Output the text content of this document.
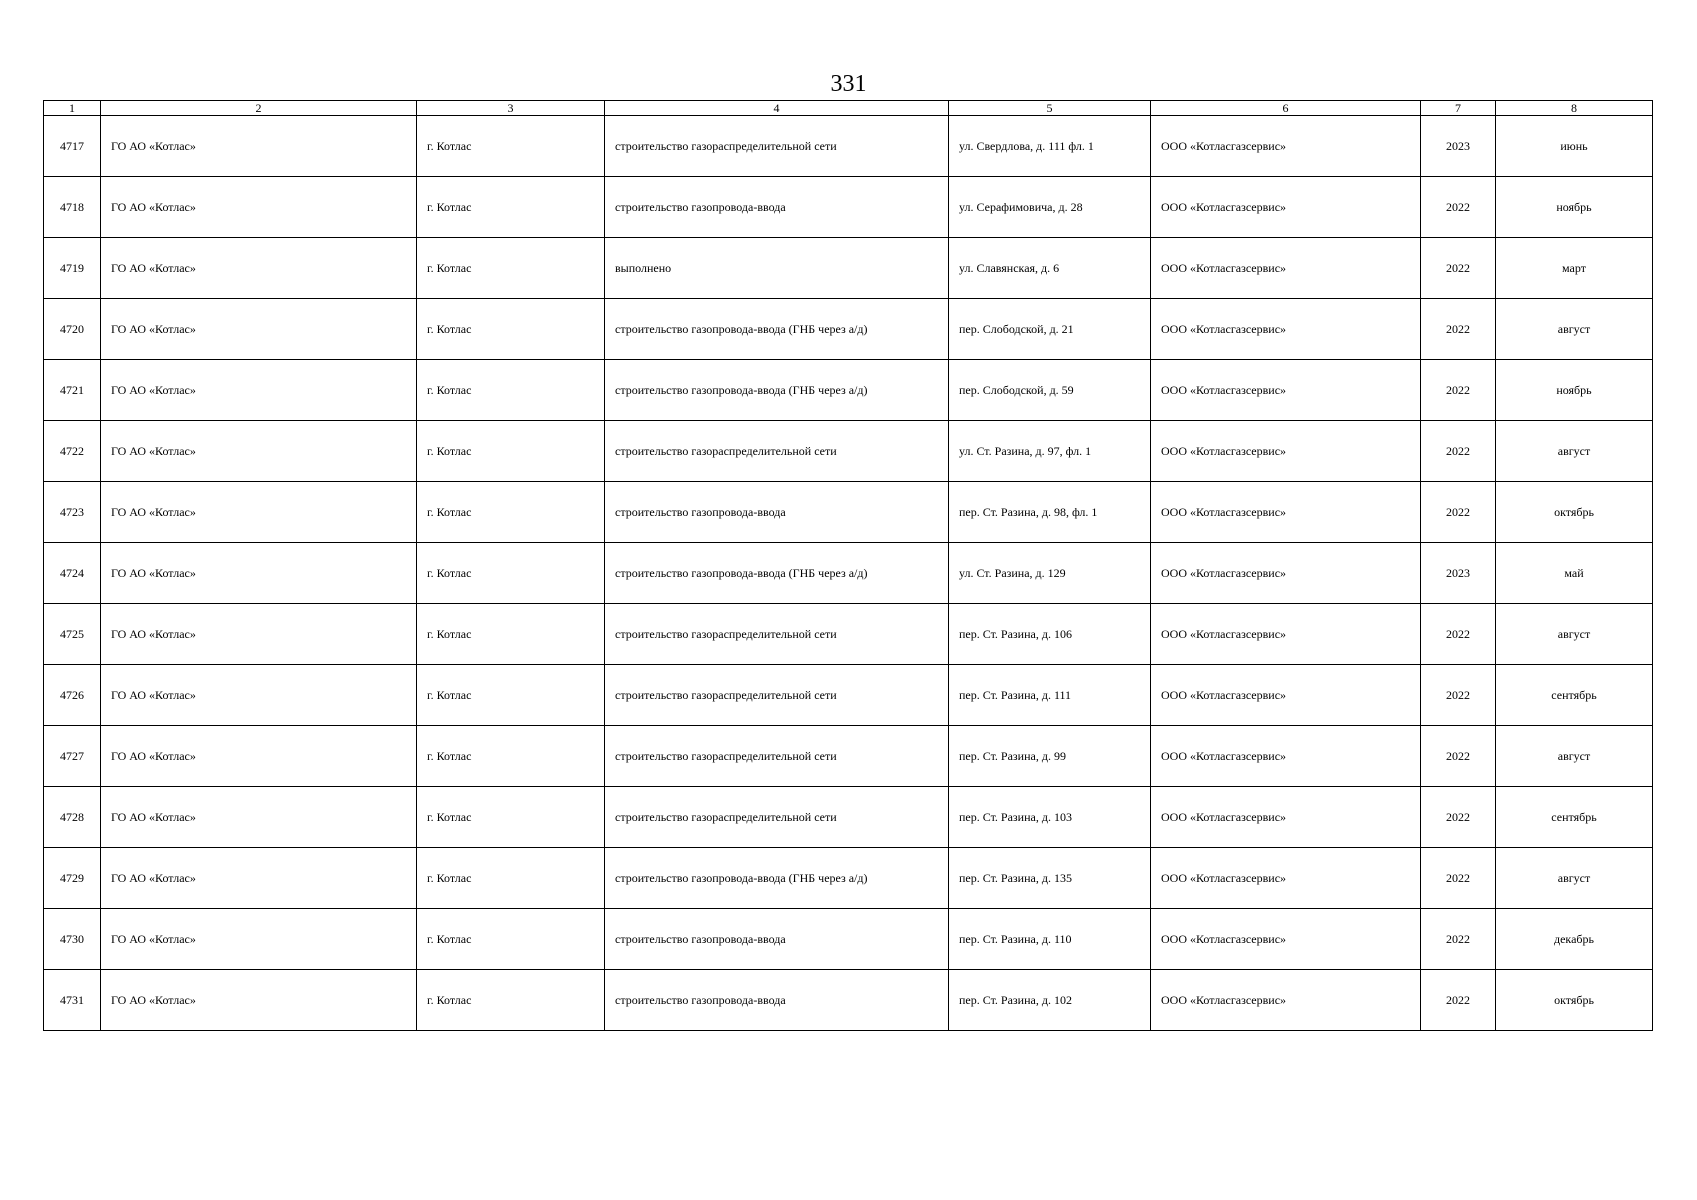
331
1	2	3	4	5	6	7	8
4717	ГО АО «Котлас»	г. Котлас	строительство газораспределительной сети	ул. Свердлова, д. 111 фл. 1	ООО «Котласгазсервис»	2023	июнь
4718	ГО АО «Котлас»	г. Котлас	строительство газопровода-ввода	ул. Серафимовича, д. 28	ООО «Котласгазсервис»	2022	ноябрь
4719	ГО АО «Котлас»	г. Котлас	выполнено	ул. Славянская, д. 6	ООО «Котласгазсервис»	2022	март
4720	ГО АО «Котлас»	г. Котлас	строительство газопровода-ввода (ГНБ через а/д)	пер. Слободской, д. 21	ООО «Котласгазсервис»	2022	август
4721	ГО АО «Котлас»	г. Котлас	строительство газопровода-ввода (ГНБ через а/д)	пер. Слободской, д. 59	ООО «Котласгазсервис»	2022	ноябрь
4722	ГО АО «Котлас»	г. Котлас	строительство газораспределительной сети	ул. Ст. Разина, д. 97, фл. 1	ООО «Котласгазсервис»	2022	август
4723	ГО АО «Котлас»	г. Котлас	строительство газопровода-ввода	пер. Ст. Разина, д. 98, фл. 1	ООО «Котласгазсервис»	2022	октябрь
4724	ГО АО «Котлас»	г. Котлас	строительство газопровода-ввода (ГНБ через а/д)	ул. Ст. Разина, д. 129	ООО «Котласгазсервис»	2023	май
4725	ГО АО «Котлас»	г. Котлас	строительство газораспределительной сети	пер. Ст. Разина, д. 106	ООО «Котласгазсервис»	2022	август
4726	ГО АО «Котлас»	г. Котлас	строительство газораспределительной сети	пер. Ст. Разина, д. 111	ООО «Котласгазсервис»	2022	сентябрь
4727	ГО АО «Котлас»	г. Котлас	строительство газораспределительной сети	пер. Ст. Разина, д. 99	ООО «Котласгазсервис»	2022	август
4728	ГО АО «Котлас»	г. Котлас	строительство газораспределительной сети	пер. Ст. Разина, д. 103	ООО «Котласгазсервис»	2022	сентябрь
4729	ГО АО «Котлас»	г. Котлас	строительство газопровода-ввода (ГНБ через а/д)	пер. Ст. Разина, д. 135	ООО «Котласгазсервис»	2022	август
4730	ГО АО «Котлас»	г. Котлас	строительство газопровода-ввода	пер. Ст. Разина, д. 110	ООО «Котласгазсервис»	2022	декабрь
4731	ГО АО «Котлас»	г. Котлас	строительство газопровода-ввода	пер. Ст. Разина, д. 102	ООО «Котласгазсервис»	2022	октябрь
